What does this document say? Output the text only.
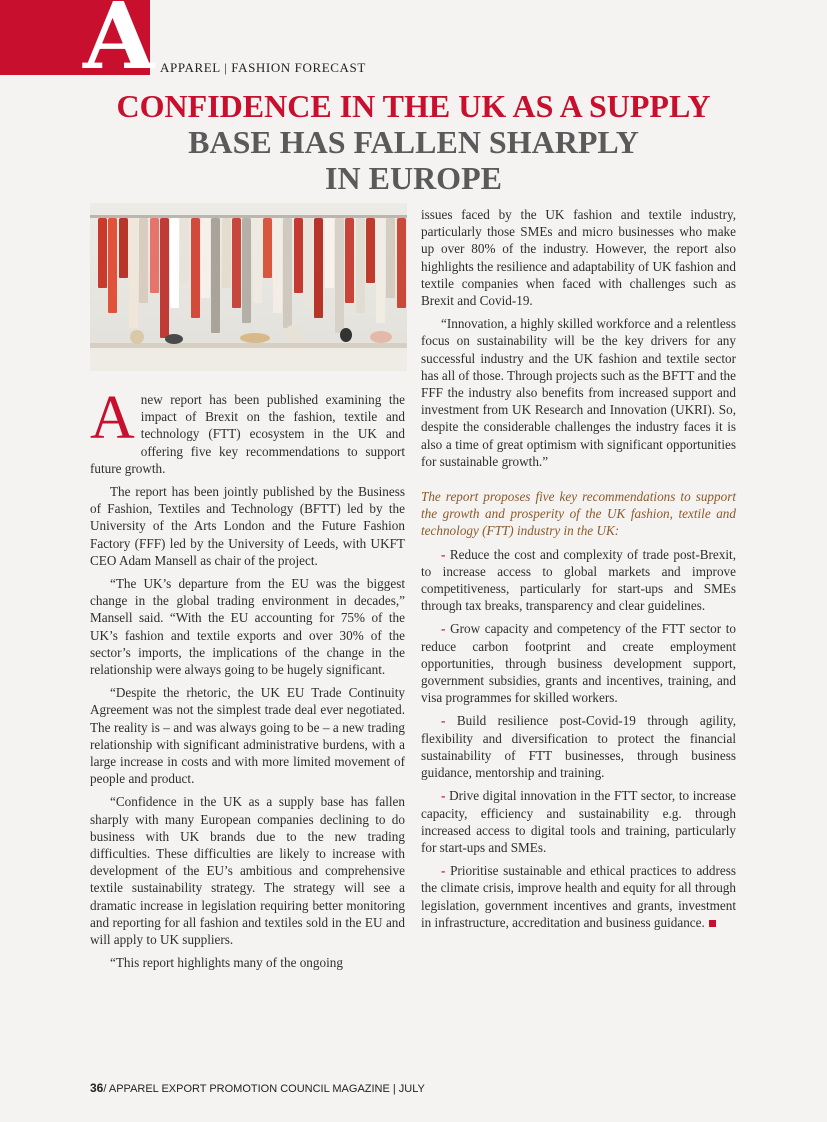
A APPAREL | FASHION FORECAST
CONFIDENCE IN THE UK AS A SUPPLY
BASE HAS FALLEN SHARPLY
IN EUROPE

Anew report has been published examining the impact of Brexit on the fashion, textile and technology (FTT) ecosystem in the UK and offering five key recommendations to support future growth.

The report has been jointly published by the Business of Fashion, Textiles and Technology (BFTT) led by the University of the Arts London and the Future Fashion Factory (FFF) led by the University of Leeds, with UKFT CEO Adam Mansell as chair of the project.

“The UK’s departure from the EU was the biggest change in the global trading environment in decades,” Mansell said. “With the EU accounting for 75% of the UK’s fashion and textile exports and over 30% of the sector’s imports, the implications of the change in the relationship were always going to be hugely significant.

“Despite the rhetoric, the UK EU Trade Continuity Agreement was not the simplest trade deal ever negotiated. The reality is – and was always going to be – a new trading relationship with significant administrative burdens, with a large increase in costs and with more limited movement of people and product.

“Confidence in the UK as a supply base has fallen sharply with many European companies declining to do business with UK brands due to the new trading difficulties. These difficulties are likely to increase with development of the EU’s ambitious and comprehensive textile sustainability strategy. The strategy will see a dramatic increase in legislation requiring better monitoring and reporting for all fashion and textiles sold in the EU and will apply to UK suppliers.

“This report highlights many of the ongoing

issues faced by the UK fashion and textile industry, particularly those SMEs and micro businesses who make up over 80% of the industry. However, the report also highlights the resilience and adaptability of UK fashion and textile companies when faced with challenges such as Brexit and Covid-19.

“Innovation, a highly skilled workforce and a relentless focus on sustainability will be the key drivers for any successful industry and the UK fashion and textile sector has all of those. Through projects such as the BFTT and the FFF the industry also benefits from increased support and investment from UK Research and Innovation (UKRI). So, despite the considerable challenges the industry faces it is also a time of great optimism with significant opportunities for sustainable growth.”

The report proposes five key recommendations to support the growth and prosperity of the UK fashion, textile and technology (FTT) industry in the UK:

- Reduce the cost and complexity of trade post-Brexit, to increase access to global markets and improve competitiveness, particularly for start-ups and SMEs through tax breaks, transparency and clear guidelines.

- Grow capacity and competency of the FTT sector to reduce carbon footprint and create employment opportunities, through business development support, government subsidies, grants and incentives, training, and visa programmes for skilled workers.

- Build resilience post-Covid-19 through agility, flexibility and diversification to protect the financial sustainability of FTT businesses, through business guidance, mentorship and training.

- Drive digital innovation in the FTT sector, to increase capacity, efficiency and sustainability e.g. through increased access to digital tools and training, particularly for start-ups and SMEs.

- Prioritise sustainable and ethical practices to address the climate crisis, improve health and equity for all through legislation, government incentives and grants, investment in infrastructure, accreditation and business guidance.

36/ APPAREL EXPORT PROMOTION COUNCIL MAGAZINE | JULY
